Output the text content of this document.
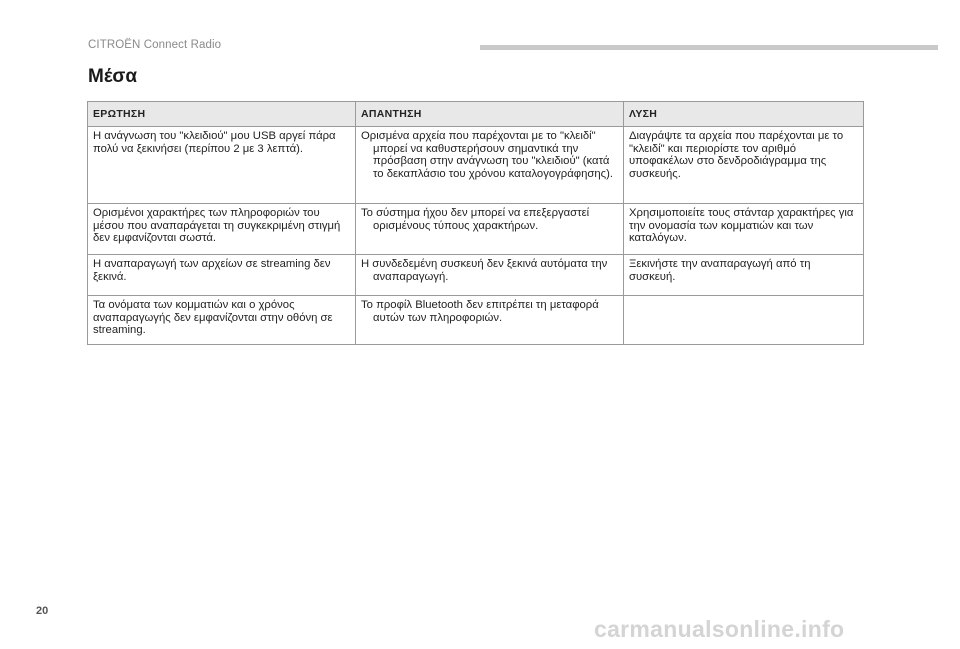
CITROËN Connect Radio
Μέσα
ΕΡΩΤΗΣΗ	ΑΠΑΝΤΗΣΗ	ΛΥΣΗ
Η ανάγνωση του "κλειδιού" μου USB αργεί πάρα πολύ να ξεκινήσει (περίπου 2 με 3 λεπτά).	Ορισμένα αρχεία που παρέχονται με το "κλειδί" μπορεί να καθυστερήσουν σημαντικά την πρόσβαση στην ανάγνωση του "κλειδιού" (κατά το δεκαπλάσιο του χρόνου καταλογογράφησης).	Διαγράψτε τα αρχεία που παρέχονται με το "κλειδί" και περιορίστε τον αριθμό υποφακέλων στο δενδροδιάγραμμα της συσκευής.
Ορισμένοι χαρακτήρες των πληροφοριών του μέσου που αναπαράγεται τη συγκεκριμένη στιγμή δεν εμφανίζονται σωστά.	Το σύστημα ήχου δεν μπορεί να επεξεργαστεί ορισμένους τύπους χαρακτήρων.	Χρησιμοποιείτε τους στάνταρ χαρακτήρες για την ονομασία των κομματιών και των καταλόγων.
Η αναπαραγωγή των αρχείων σε streaming δεν ξεκινά.	Η συνδεδεμένη συσκευή δεν ξεκινά αυτόματα την αναπαραγωγή.	Ξεκινήστε την αναπαραγωγή από τη συσκευή.
Τα ονόματα των κομματιών και ο χρόνος αναπαραγωγής δεν εμφανίζονται στην οθόνη σε streaming.	Το προφίλ Bluetooth δεν επιτρέπει τη μεταφορά αυτών των πληροφοριών.	

20
carmanualsonline.info
